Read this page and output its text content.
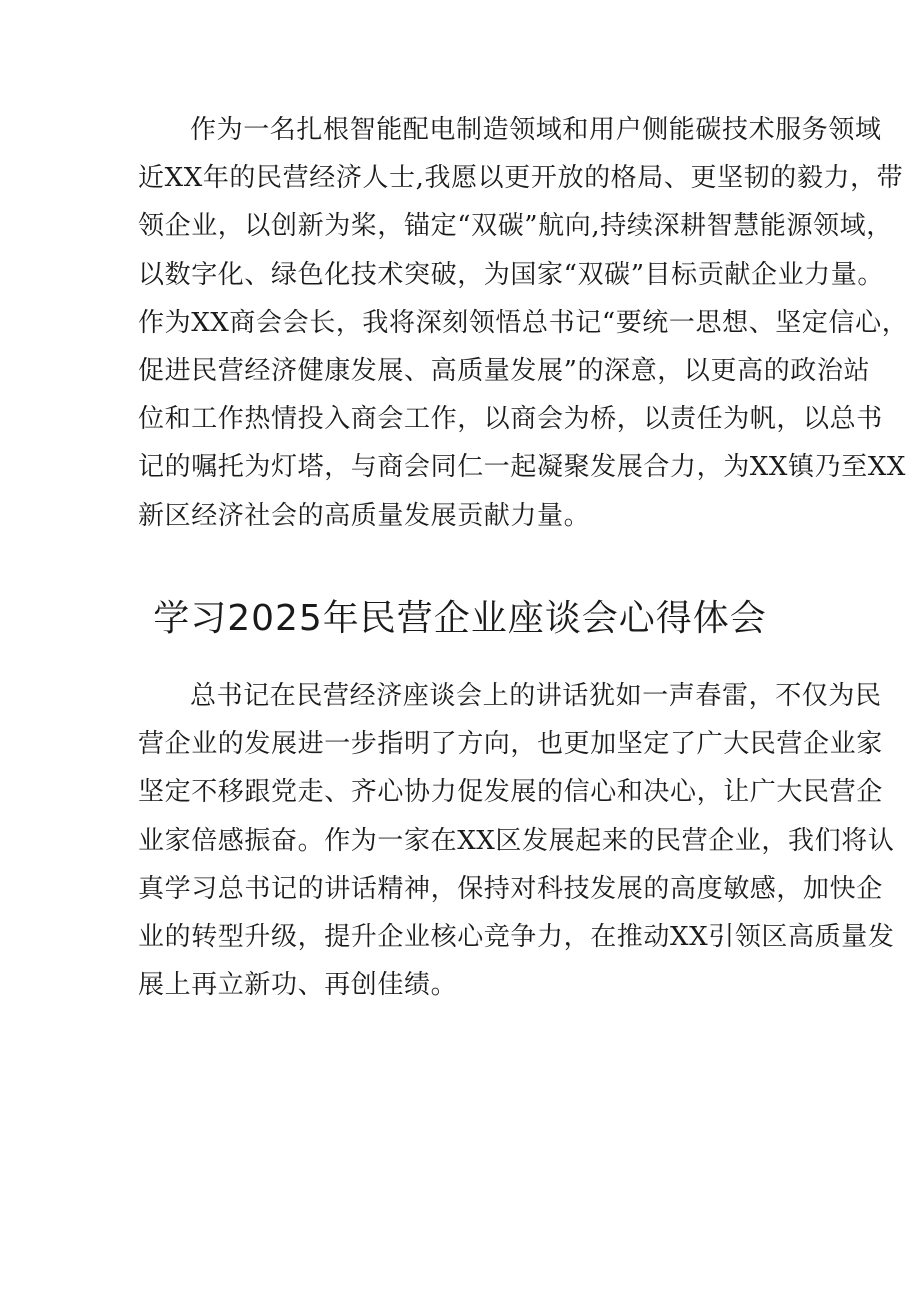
作为一名扎根智能配电制造领域和用户侧能碳技术服务领域
近XX年的民营经济人士,我愿以更开放的格局、更坚韧的毅力，带
领企业，以创新为桨，锚定“双碳”航向,持续深耕智慧能源领域，
以数字化、绿色化技术突破，为国家“双碳”目标贡献企业力量。
作为XX商会会长，我将深刻领悟总书记“要统一思想、坚定信心，
促进民营经济健康发展、高质量发展”的深意，以更高的政治站
位和工作热情投入商会工作，以商会为桥，以责任为帆，以总书
记的嘱托为灯塔，与商会同仁一起凝聚发展合力，为XX镇乃至XX
新区经济社会的高质量发展贡献力量。
学习2025年民营企业座谈会心得体会
总书记在民营经济座谈会上的讲话犹如一声春雷，不仅为民
营企业的发展进一步指明了方向，也更加坚定了广大民营企业家
坚定不移跟党走、齐心协力促发展的信心和决心，让广大民营企
业家倍感振奋。作为一家在XX区发展起来的民营企业，我们将认
真学习总书记的讲话精神，保持对科技发展的高度敏感，加快企
业的转型升级，提升企业核心竞争力，在推动XX引领区高质量发
展上再立新功、再创佳绩。
